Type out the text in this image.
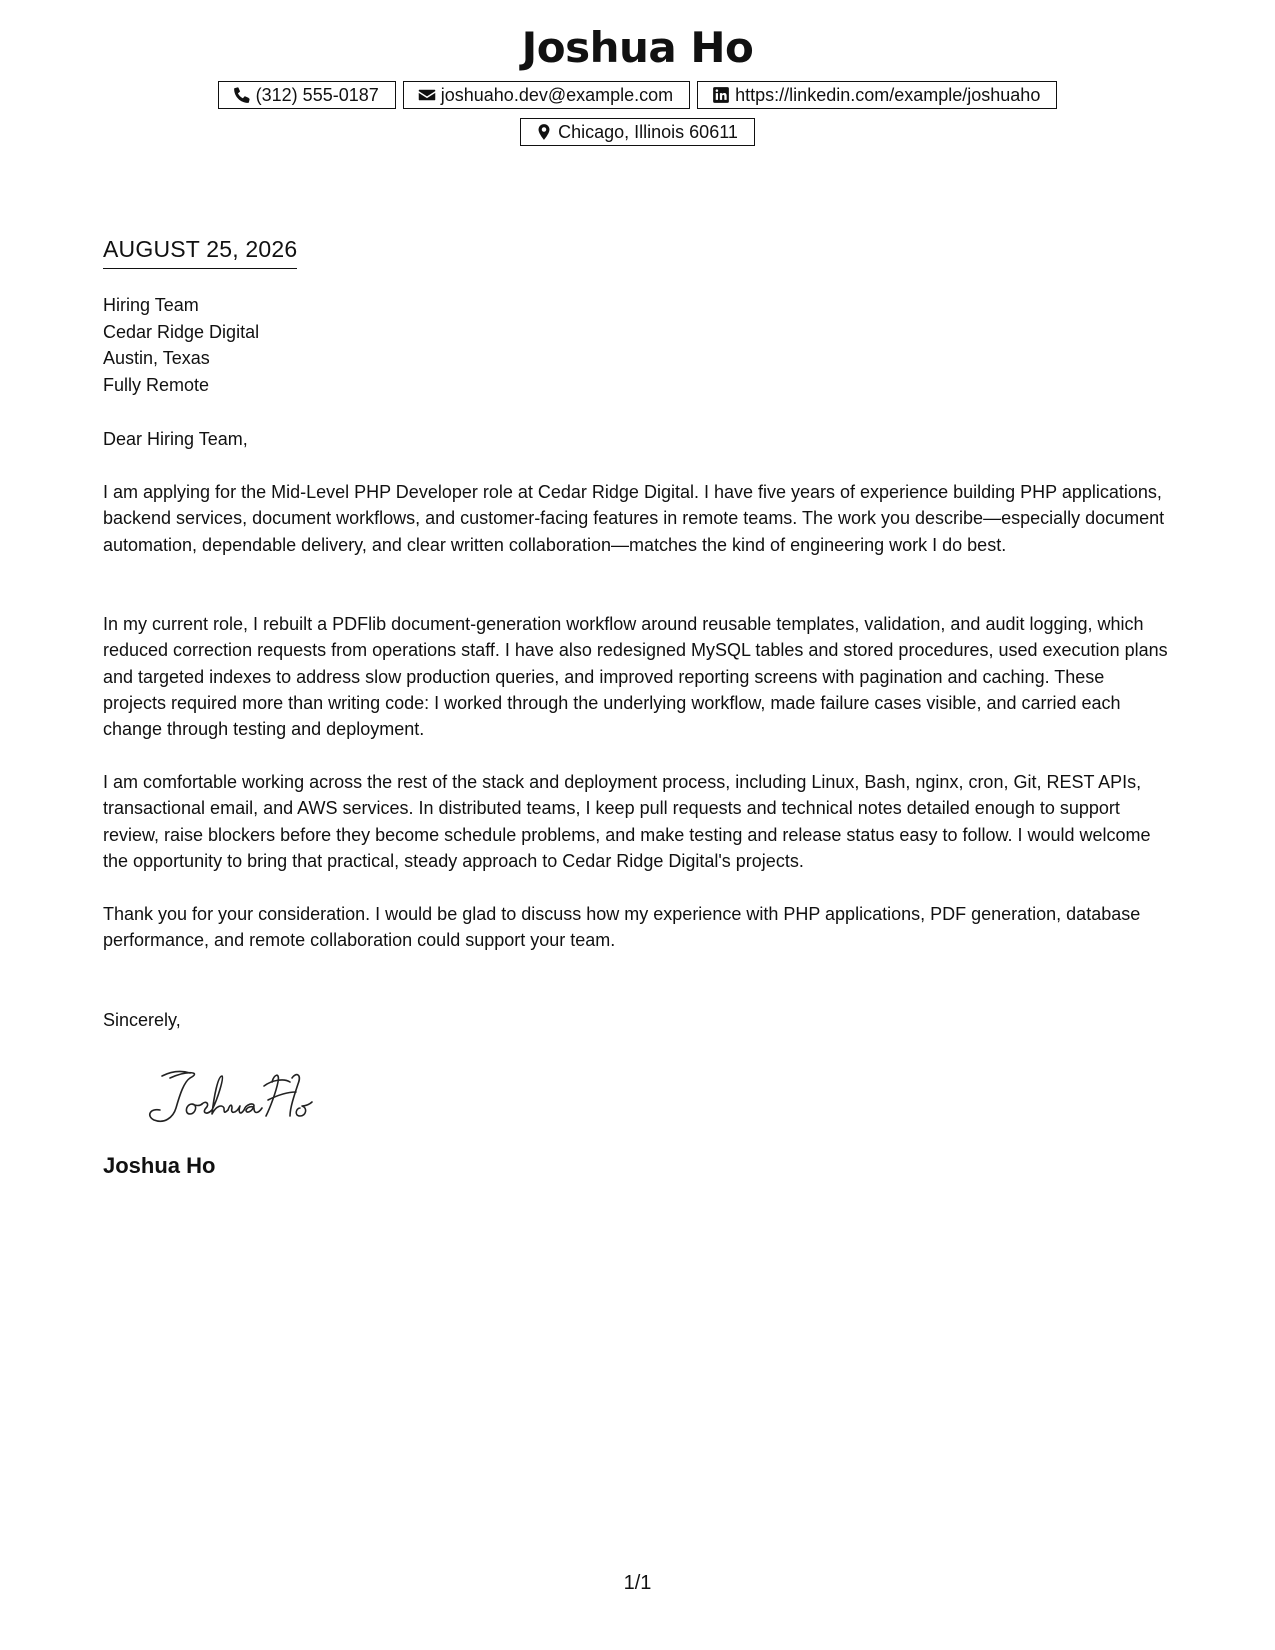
Joshua Ho
(312) 555-0187	joshuaho.dev@example.com	https://linkedin.com/example/joshuaho
Chicago, Illinois 60611
AUGUST 25, 2026
Hiring Team
Cedar Ridge Digital
Austin, Texas
Fully Remote
Dear Hiring Team,

I am applying for the Mid-Level PHP Developer role at Cedar Ridge Digital. I have five years of experience building PHP applications, backend services, document workflows, and customer-facing features in remote teams. The work you describe—especially document automation, dependable delivery, and clear written collaboration—matches the kind of engineering work I do best.

In my current role, I rebuilt a PDFlib document-generation workflow around reusable templates, validation, and audit logging, which reduced correction requests from operations staff. I have also redesigned MySQL tables and stored procedures, used execution plans and targeted indexes to address slow production queries, and improved reporting screens with pagination and caching. These projects required more than writing code: I worked through the underlying workflow, made failure cases visible, and carried each change through testing and deployment.

I am comfortable working across the rest of the stack and deployment process, including Linux, Bash, nginx, cron, Git, REST APIs, transactional email, and AWS services. In distributed teams, I keep pull requests and technical notes detailed enough to support review, raise blockers before they become schedule problems, and make testing and release status easy to follow. I would welcome the opportunity to bring that practical, steady approach to Cedar Ridge Digital's projects.

Thank you for your consideration. I would be glad to discuss how my experience with PHP applications, PDF generation, database performance, and remote collaboration could support your team.

Sincerely,
Joshua Ho
1/1
